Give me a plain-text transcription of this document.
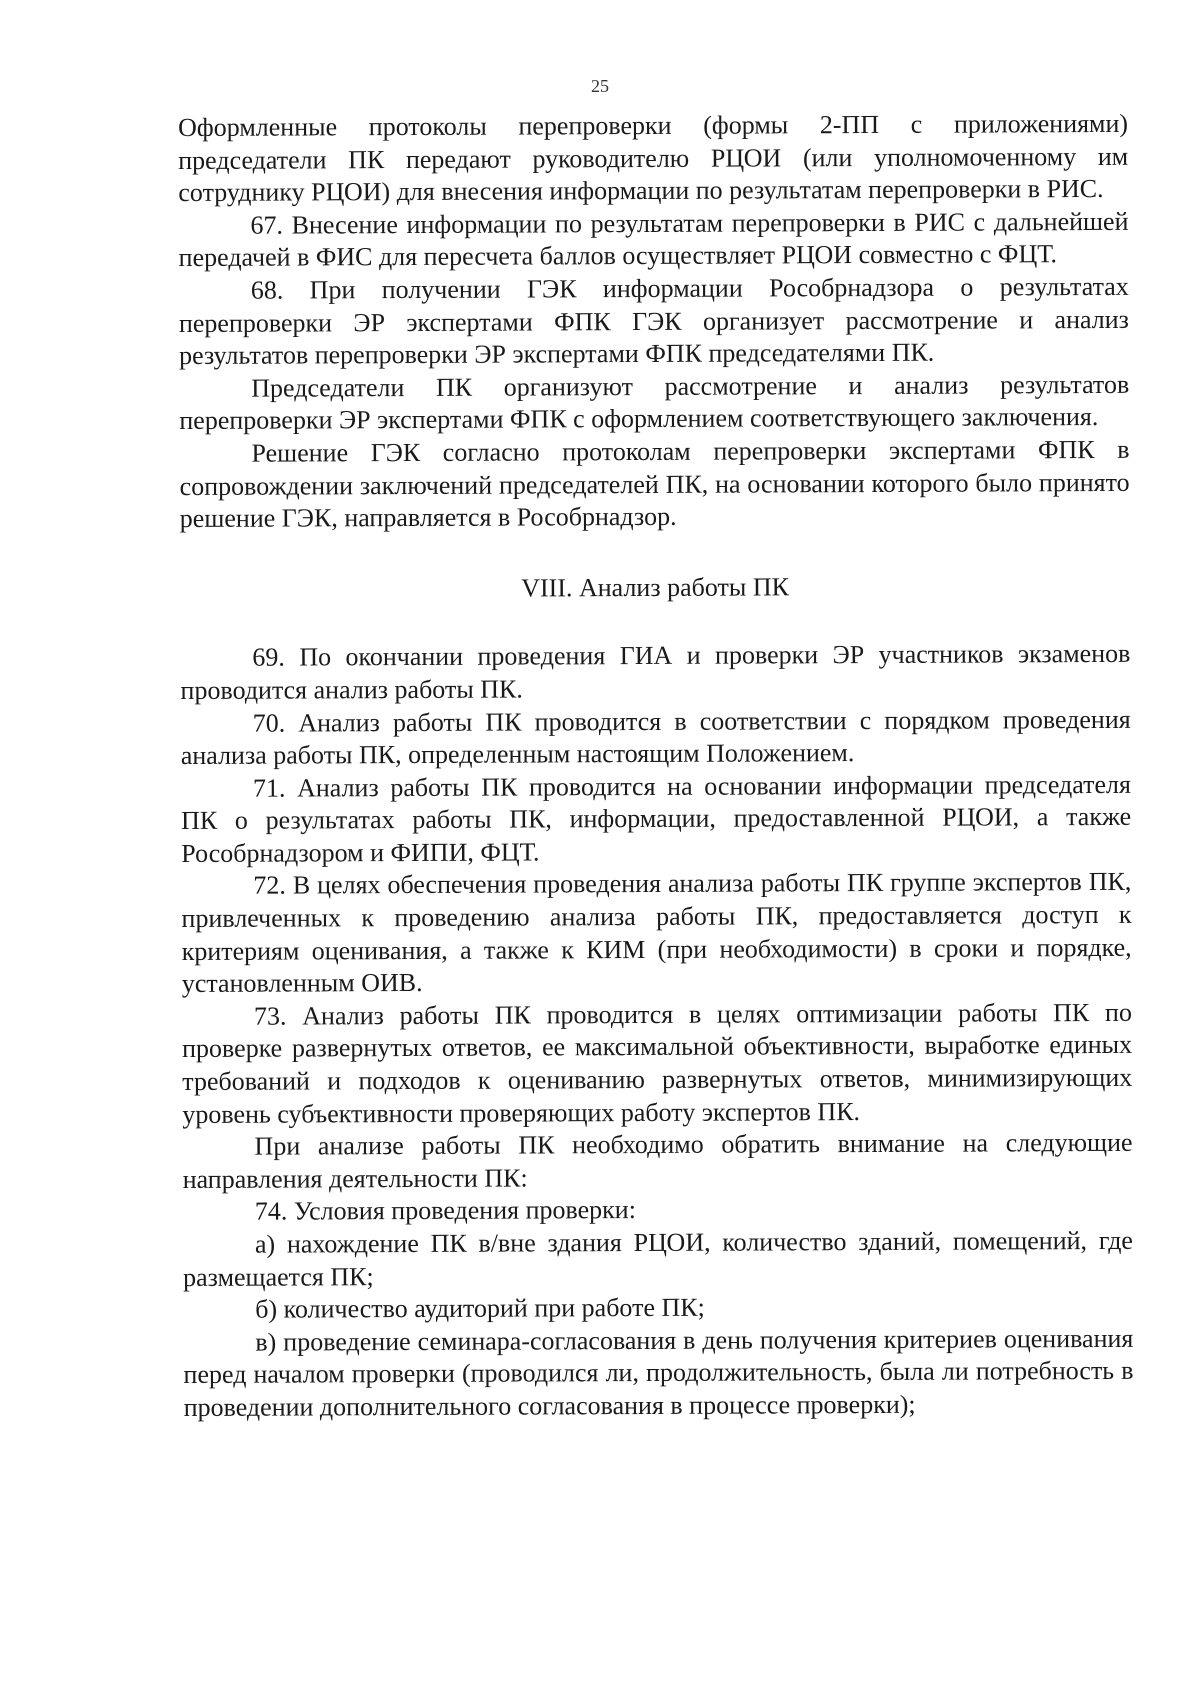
25

Оформленные протоколы перепроверки (формы 2-ПП с приложениями) председатели ПК передают руководителю РЦОИ (или уполномоченному им сотруднику РЦОИ) для внесения информации по результатам перепроверки в РИС.

67. Внесение информации по результатам перепроверки в РИС с дальнейшей передачей в ФИС для пересчета баллов осуществляет РЦОИ совместно с ФЦТ.

68. При получении ГЭК информации Рособрнадзора о результатах перепроверки ЭР экспертами ФПК ГЭК организует рассмотрение и анализ результатов перепроверки ЭР экспертами ФПК председателями ПК.

Председатели ПК организуют рассмотрение и анализ результатов перепроверки ЭР экспертами ФПК с оформлением соответствующего заключения.

Решение ГЭК согласно протоколам перепроверки экспертами ФПК в сопровождении заключений председателей ПК, на основании которого было принято решение ГЭК, направляется в Рособрнадзор.

VIII. Анализ работы ПК

69. По окончании проведения ГИА и проверки ЭР участников экзаменов проводится анализ работы ПК.

70. Анализ работы ПК проводится в соответствии с порядком проведения анализа работы ПК, определенным настоящим Положением.

71. Анализ работы ПК проводится на основании информации председателя ПК о результатах работы ПК, информации, предоставленной РЦОИ, а также Рособрнадзором и ФИПИ, ФЦТ.

72. В целях обеспечения проведения анализа работы ПК группе экспертов ПК, привлеченных к проведению анализа работы ПК, предоставляется доступ к критериям оценивания, а также к КИМ (при необходимости) в сроки и порядке, установленным ОИВ.

73. Анализ работы ПК проводится в целях оптимизации работы ПК по проверке развернутых ответов, ее максимальной объективности, выработке единых требований и подходов к оцениванию развернутых ответов, минимизирующих уровень субъективности проверяющих работу экспертов ПК.

При анализе работы ПК необходимо обратить внимание на следующие направления деятельности ПК:

74. Условия проведения проверки:

а) нахождение ПК в/вне здания РЦОИ, количество зданий, помещений, где размещается ПК;

б) количество аудиторий при работе ПК;

в) проведение семинара-согласования в день получения критериев оценивания перед началом проверки (проводился ли, продолжительность, была ли потребность в проведении дополнительного согласования в процессе проверки);
